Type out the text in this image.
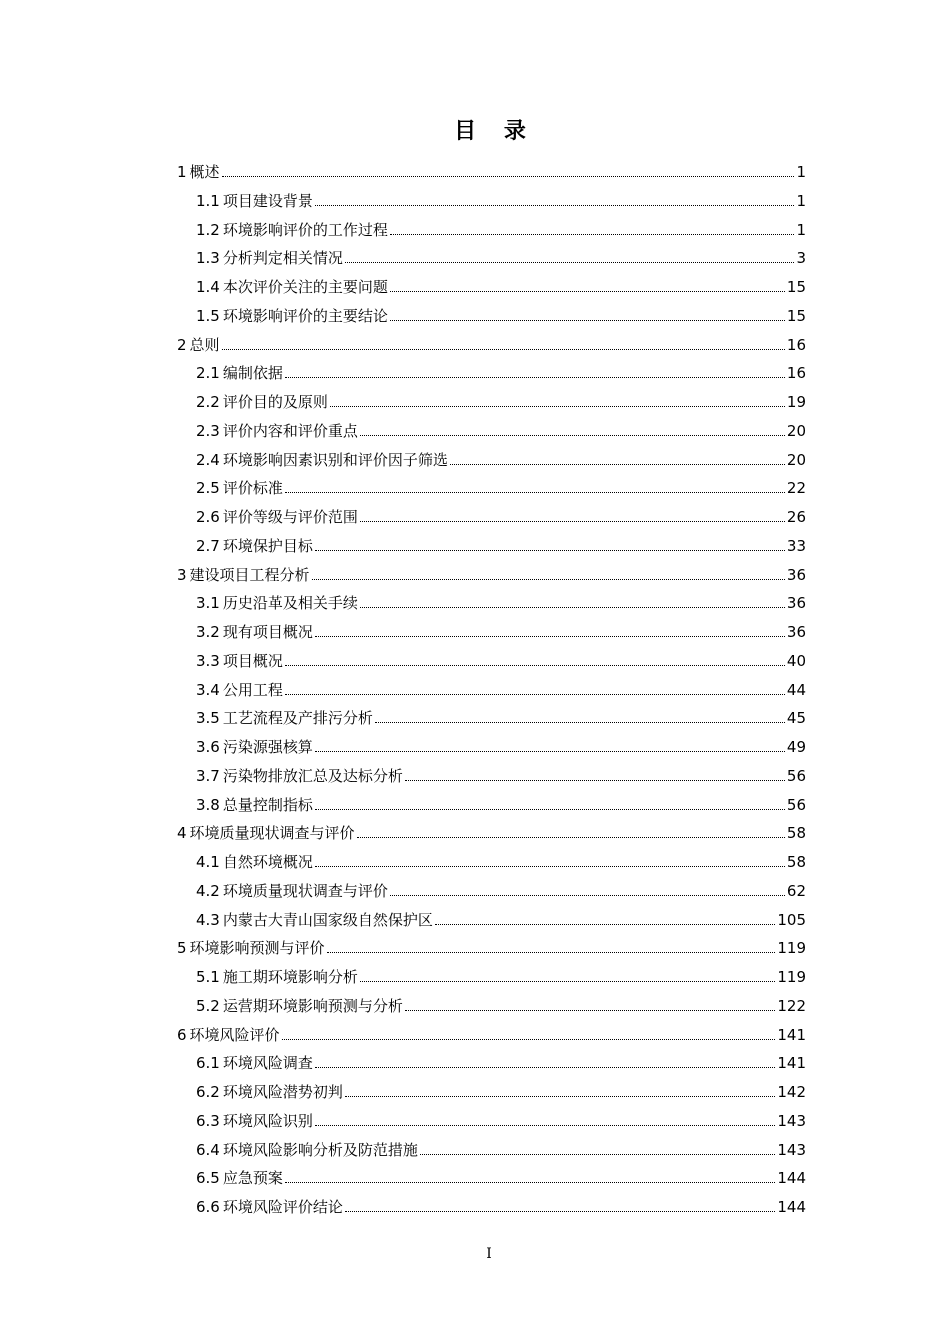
目 录
1 概述	1
1.1 项目建设背景	1
1.2 环境影响评价的工作过程	1
1.3 分析判定相关情况	3
1.4 本次评价关注的主要问题	15
1.5 环境影响评价的主要结论	15
2 总则	16
2.1 编制依据	16
2.2 评价目的及原则	19
2.3 评价内容和评价重点	20
2.4 环境影响因素识别和评价因子筛选	20
2.5 评价标准	22
2.6 评价等级与评价范围	26
2.7 环境保护目标	33
3 建设项目工程分析	36
3.1 历史沿革及相关手续	36
3.2 现有项目概况	36
3.3 项目概况	40
3.4 公用工程	44
3.5 工艺流程及产排污分析	45
3.6 污染源强核算	49
3.7 污染物排放汇总及达标分析	56
3.8 总量控制指标	56
4 环境质量现状调查与评价	58
4.1 自然环境概况	58
4.2 环境质量现状调查与评价	62
4.3 内蒙古大青山国家级自然保护区	105
5 环境影响预测与评价	119
5.1 施工期环境影响分析	119
5.2 运营期环境影响预测与分析	122
6 环境风险评价	141
6.1 环境风险调查	141
6.2 环境风险潜势初判	142
6.3 环境风险识别	143
6.4 环境风险影响分析及防范措施	143
6.5 应急预案	144
6.6 环境风险评价结论	144
I
